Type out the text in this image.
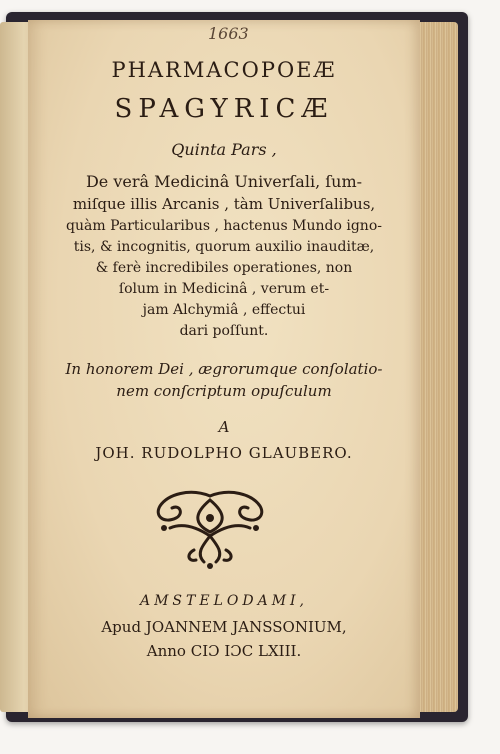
1663
PHARMACOPOEÆ
SPAGYRICÆ
Quinta Pars ,
De verâ Medicinâ Univerſali, ſum-
miſque illis Arcanis , tàm Univerſalibus,
quàm Particularibus , hactenus Mundo igno-
tis, & incognitis, quorum auxilio inauditæ,
& ferè incredibiles operationes, non
ſolum in Medicinâ , verum et-
jam Alchymiâ , effectui
dari poſſunt.
In honorem Dei , ægrorumque conſolatio-
nem conſcriptum opuſculum
A
JOH. RUDOLPHO GLAUBERO.
AMSTELODAMI,
Apud JOANNEM JANSSONIUM,
Anno CIƆ IƆC LXIII.
